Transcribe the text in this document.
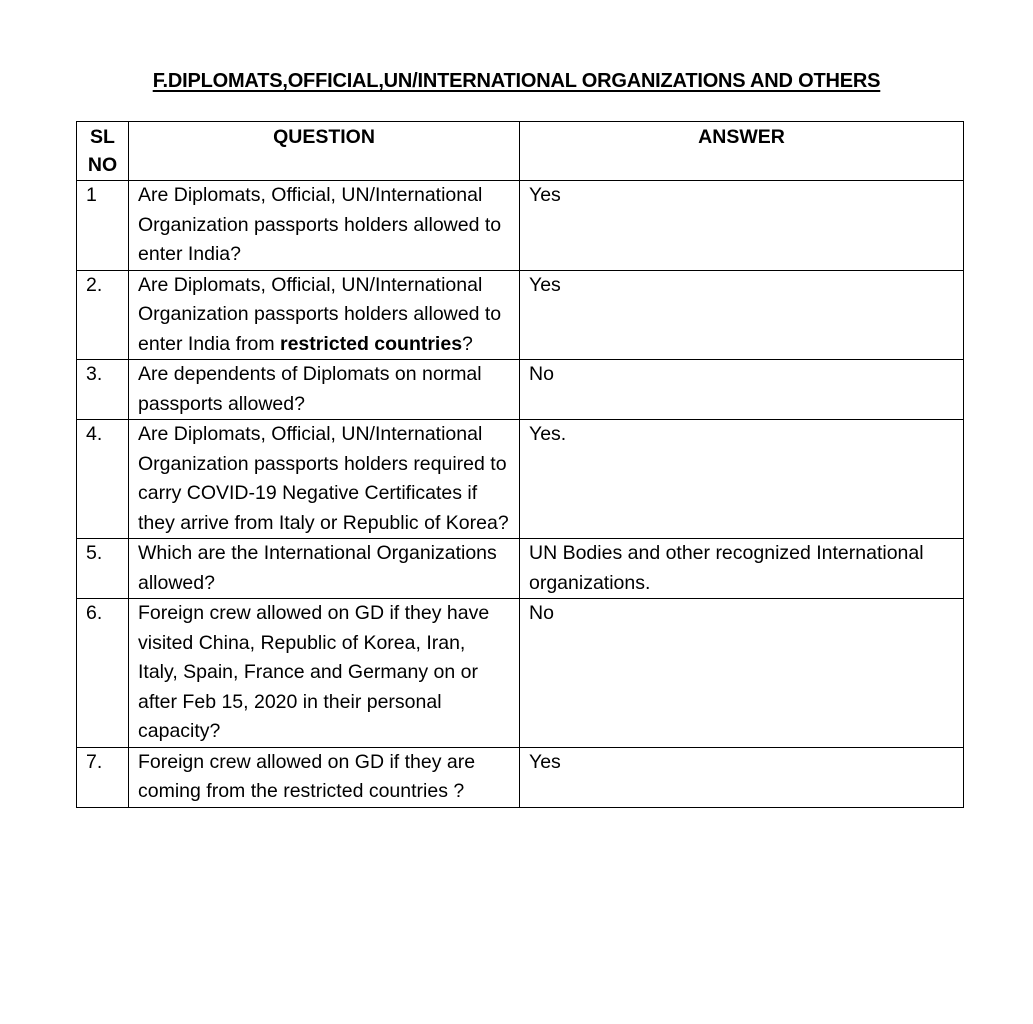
F.DIPLOMATS,OFFICIAL,UN/INTERNATIONAL ORGANIZATIONS AND OTHERS
SL
NO	QUESTION	ANSWER
1	Are Diplomats, Official, UN/International Organization passports holders allowed to enter India?	Yes
2.	Are Diplomats, Official, UN/International Organization passports holders allowed to enter India from restricted countries?	Yes
3.	Are dependents of Diplomats on normal passports allowed?	No
4.	Are Diplomats, Official, UN/International Organization passports holders required to carry COVID-19 Negative Certificates if they arrive from Italy or Republic of Korea?	Yes.
5.	Which are the International Organizations allowed?	UN Bodies and other recognized International organizations.
6.	Foreign crew allowed on GD if they have visited China, Republic of Korea, Iran, Italy, Spain, France and Germany on or after Feb 15, 2020 in their personal capacity?	No
7.	Foreign crew allowed on GD if they are coming from the restricted countries ?	Yes
